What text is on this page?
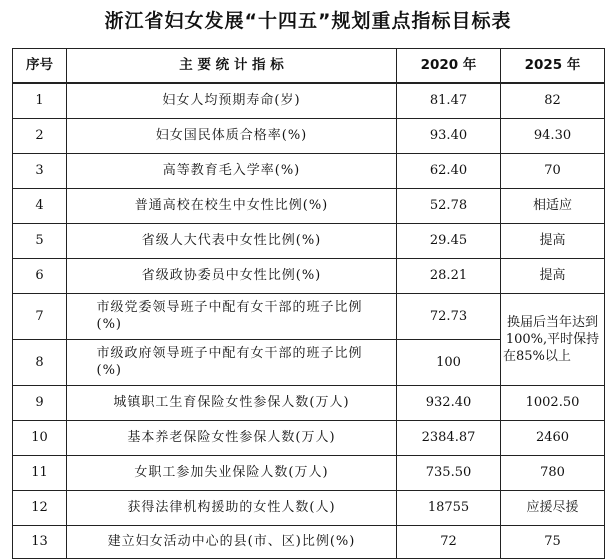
浙江省妇女发展“十四五”规划重点指标目标表
序号	主 要 统 计 指 标	2020 年	2025 年
1	妇女人均预期寿命(岁)	81.47	82
2	妇女国民体质合格率(%)	93.40	94.30
3	高等教育毛入学率(%)	62.40	70
4	普通高校在校生中女性比例(%)	52.78	相适应
5	省级人大代表中女性比例(%)	29.45	提高
6	省级政协委员中女性比例(%)	28.21	提高
7	市级党委领导班子中配有女干部的班子比例(%)	72.73	换届后当年达到100%,平时保持在85%以上
8	市级政府领导班子中配有女干部的班子比例(%)	100	
9	城镇职工生育保险女性参保人数(万人)	932.40	1002.50
10	基本养老保险女性参保人数(万人)	2384.87	2460
11	女职工参加失业保险人数(万人)	735.50	780
12	获得法律机构援助的女性人数(人)	18755	应援尽援
13	建立妇女活动中心的县(市、区)比例(%)	72	75
